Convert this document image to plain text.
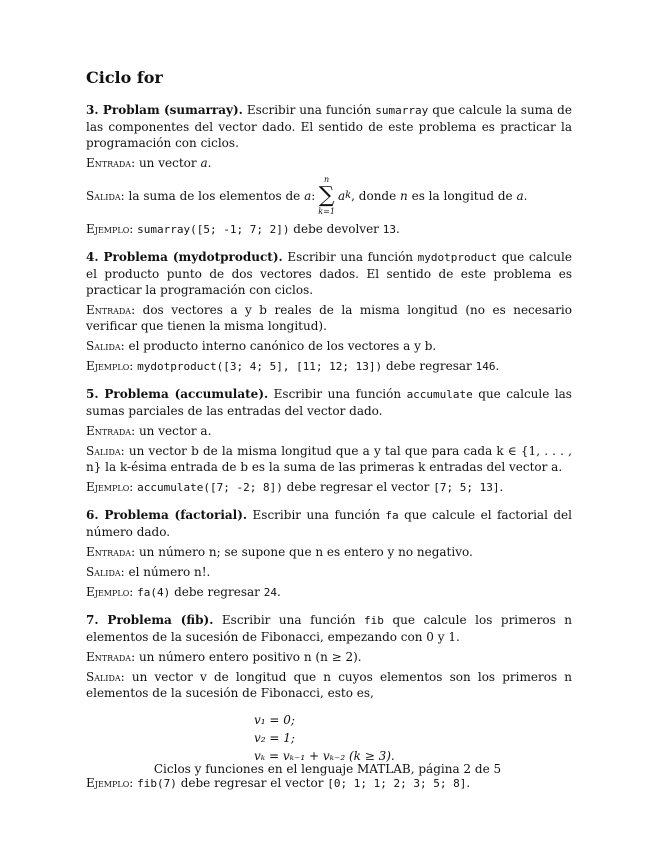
Ciclo for

3. Problam (sumarray). Escribir una función sumarray que calcule la suma de las componentes del vector dado. El sentido de este problema es practicar la programación con ciclos.

Entrada: un vector a.

Salida : la suma de los elementos de
a :
n
∑
k=1
a k , donde
n
es la longitud de
a .

Ejemplo: sumarray([5; -1; 7; 2]) debe devolver 13.

4. Problema (mydotproduct). Escribir una función mydotproduct que calcule el producto punto de dos vectores dados. El sentido de este problema es practicar la programación con ciclos.

Entrada: dos vectores a y b reales de la misma longitud (no es necesario verificar que tienen la misma longitud).

Salida: el producto interno canónico de los vectores a y b.

Ejemplo: mydotproduct([3; 4; 5], [11; 12; 13]) debe regresar 146.

5. Problema (accumulate). Escribir una función accumulate que calcule las sumas parciales de las entradas del vector dado.

Entrada: un vector a.

Salida: un vector b de la misma longitud que a y tal que para cada k ∈ {1, . . . , n} la k-ésima entrada de b es la suma de las primeras k entradas del vector a.

Ejemplo: accumulate([7; -2; 8]) debe regresar el vector [7; 5; 13].

6. Problema (factorial). Escribir una función fa que calcule el factorial del número dado.

Entrada: un número n; se supone que n es entero y no negativo.

Salida: el número n!.

Ejemplo: fa(4) debe regresar 24.

7. Problema (fib). Escribir una función fib que calcule los primeros n elementos de la sucesión de Fibonacci, empezando con 0 y 1.

Entrada: un número entero positivo n (n ≥ 2).

Salida: un vector v de longitud que n cuyos elementos son los primeros n elementos de la sucesión de Fibonacci, esto es,

v₁ = 0;
v₂ = 1;
vₖ = vₖ₋₁ + vₖ₋₂ (k ≥ 3).

Ejemplo: fib(7) debe regresar el vector [0; 1; 1; 2; 3; 5; 8].

Ciclos y funciones en el lenguaje MATLAB, página 2 de 5
